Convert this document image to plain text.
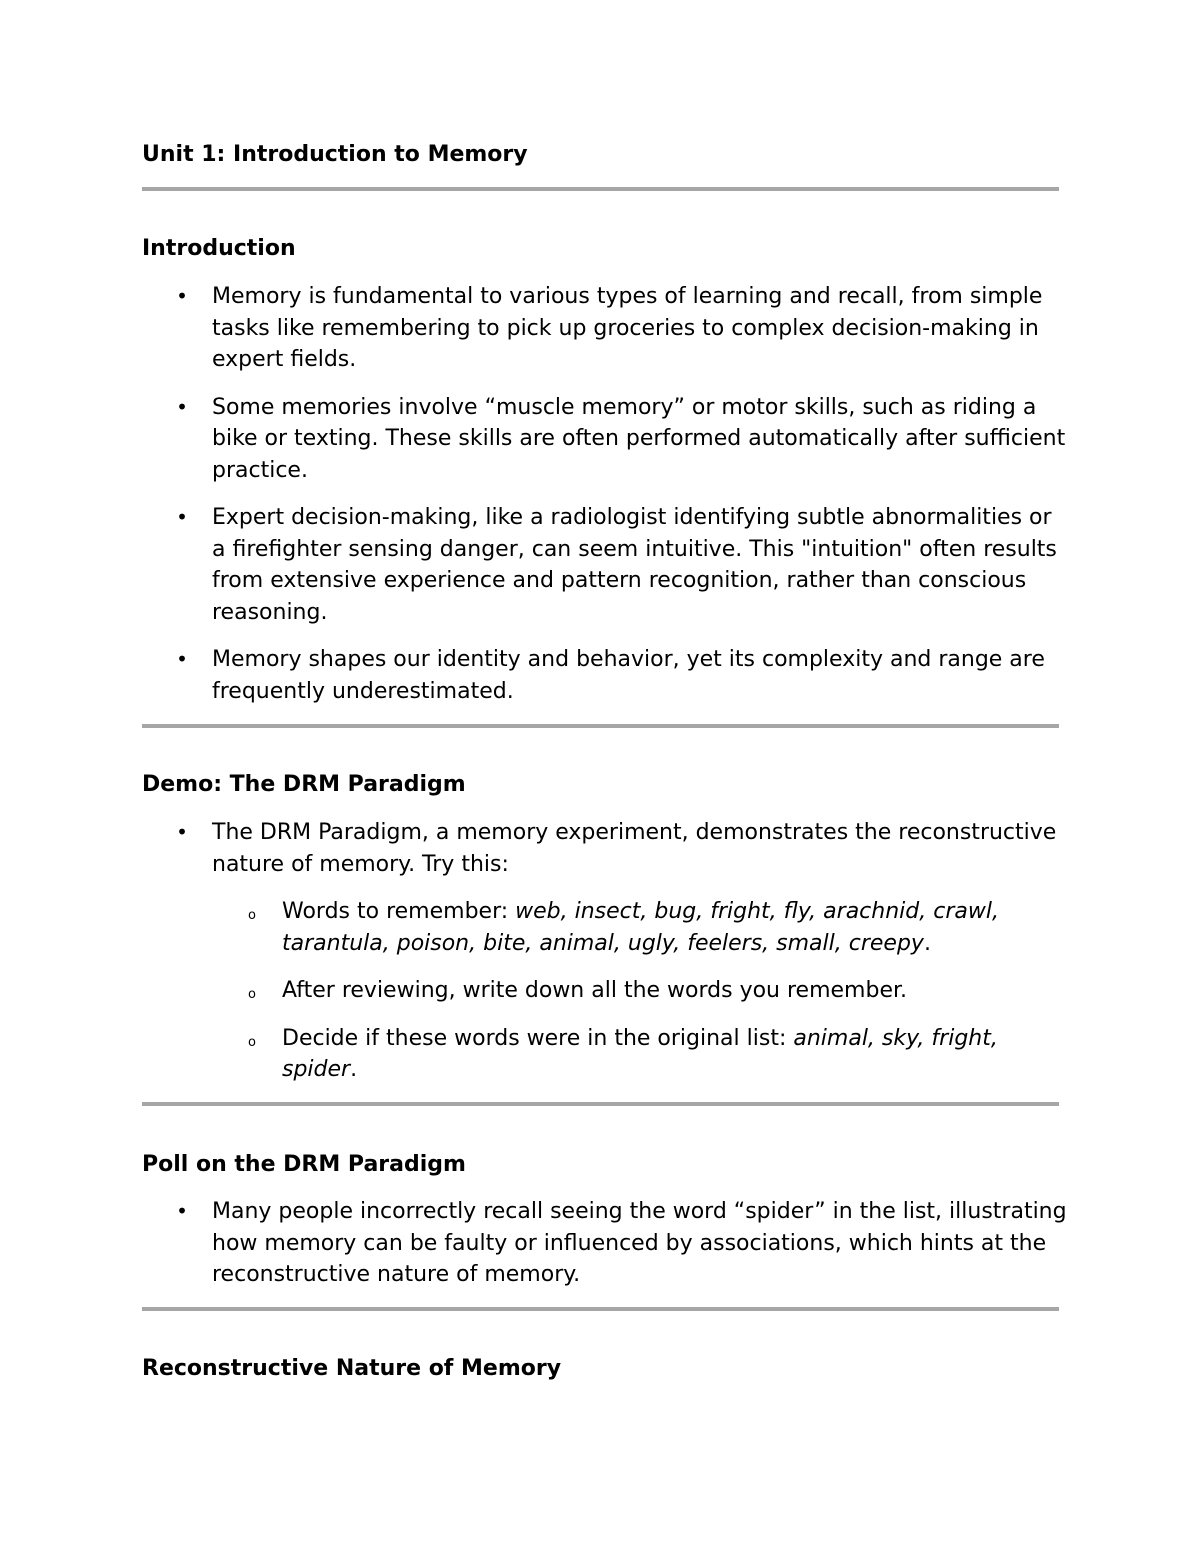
Unit 1: Introduction to Memory
Introduction
• Memory is fundamental to various types of learning and recall, from simple tasks like remembering to pick up groceries to complex decision-making in expert fields.
• Some memories involve “muscle memory” or motor skills, such as riding a bike or texting. These skills are often performed automatically after sufficient practice.
• Expert decision-making, like a radiologist identifying subtle abnormalities or a firefighter sensing danger, can seem intuitive. This "intuition" often results from extensive experience and pattern recognition, rather than conscious reasoning.
• Memory shapes our identity and behavior, yet its complexity and range are frequently underestimated.
Demo: The DRM Paradigm
• The DRM Paradigm, a memory experiment, demonstrates the reconstructive nature of memory. Try this:
o Words to remember: web, insect, bug, fright, fly, arachnid, crawl, tarantula, poison, bite, animal, ugly, feelers, small, creepy.
o After reviewing, write down all the words you remember.
o Decide if these words were in the original list: animal, sky, fright, spider.
Poll on the DRM Paradigm
• Many people incorrectly recall seeing the word “spider” in the list, illustrating how memory can be faulty or influenced by associations, which hints at the reconstructive nature of memory.
Reconstructive Nature of Memory
